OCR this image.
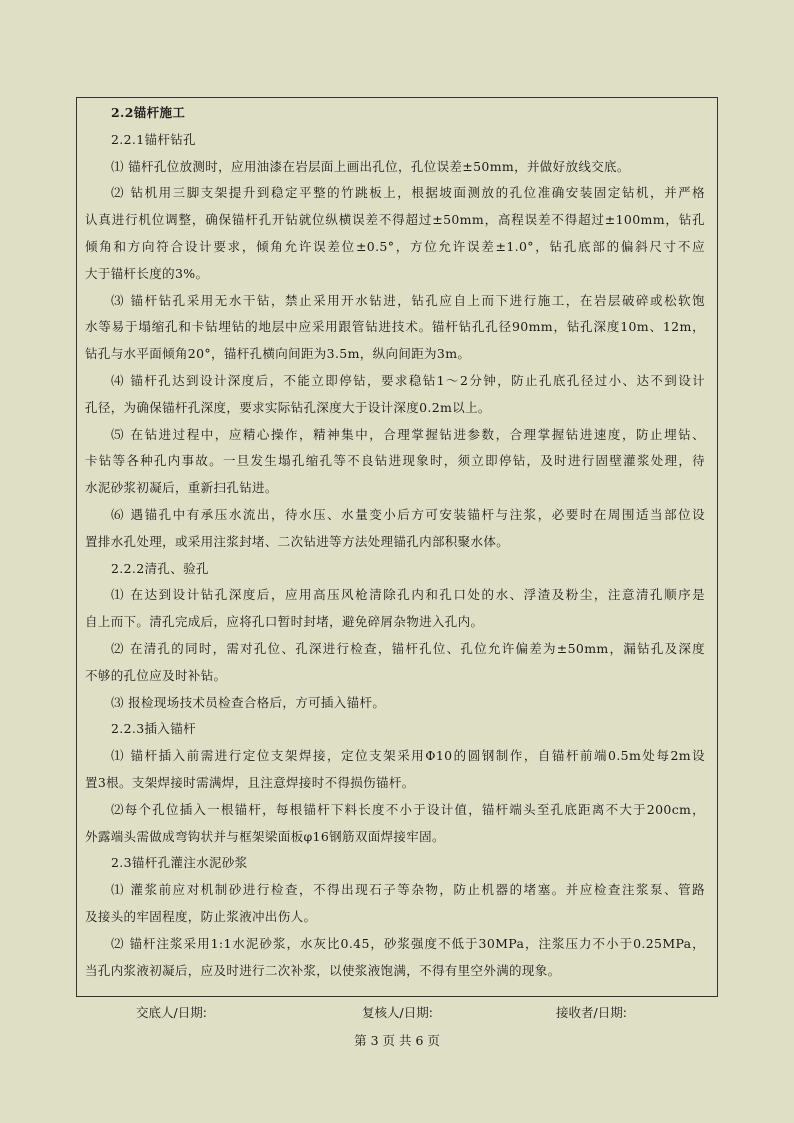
2.2锚杆施工
2.2.1锚杆钻孔
⑴ 锚杆孔位放测时，应用油漆在岩层面上画出孔位，孔位误差±50mm，并做好放线交底。
⑵ 钻机用三脚支架提升到稳定平整的竹跳板上，根据坡面测放的孔位准确安装固定钻机，并严格
认真进行机位调整，确保锚杆孔开钻就位纵横误差不得超过±50mm，高程误差不得超过±100mm，钻孔
倾角和方向符合设计要求，倾角允许误差位±0.5°，方位允许误差±1.0°，钻孔底部的偏斜尺寸不应
大于锚杆长度的3%。
⑶ 锚杆钻孔采用无水干钻，禁止采用开水钻进，钻孔应自上而下进行施工，在岩层破碎或松软饱
水等易于塌缩孔和卡钻埋钻的地层中应采用跟管钻进技术。锚杆钻孔孔径90mm，钻孔深度10m、12m，
钻孔与水平面倾角20°，锚杆孔横向间距为3.5m，纵向间距为3m。
⑷ 锚杆孔达到设计深度后，不能立即停钻，要求稳钻1～2分钟，防止孔底孔径过小、达不到设计
孔径，为确保锚杆孔深度，要求实际钻孔深度大于设计深度0.2m以上。
⑸ 在钻进过程中，应精心操作，精神集中，合理掌握钻进参数，合理掌握钻进速度，防止埋钻、
卡钻等各种孔内事故。一旦发生塌孔缩孔等不良钻进现象时，须立即停钻，及时进行固壁灌浆处理，待
水泥砂浆初凝后，重新扫孔钻进。
⑹ 遇锚孔中有承压水流出，待水压、水量变小后方可安装锚杆与注浆，必要时在周围适当部位设
置排水孔处理，或采用注浆封堵、二次钻进等方法处理锚孔内部积聚水体。
2.2.2清孔、验孔
⑴ 在达到设计钻孔深度后，应用高压风枪清除孔内和孔口处的水、浮渣及粉尘，注意清孔顺序是
自上而下。清孔完成后，应将孔口暂时封堵，避免碎屑杂物进入孔内。
⑵ 在清孔的同时，需对孔位、孔深进行检查，锚杆孔位、孔位允许偏差为±50mm，漏钻孔及深度
不够的孔位应及时补钻。
⑶ 报检现场技术员检查合格后，方可插入锚杆。
2.2.3插入锚杆
⑴ 锚杆插入前需进行定位支架焊接，定位支架采用Φ10的圆钢制作，自锚杆前端0.5m处每2m设
置3根。支架焊接时需满焊，且注意焊接时不得损伤锚杆。
⑵每个孔位插入一根锚杆，每根锚杆下料长度不小于设计值，锚杆端头至孔底距离不大于200cm，
外露端头需做成弯钩状并与框架梁面板φ16钢筋双面焊接牢固。
2.3锚杆孔灌注水泥砂浆
⑴ 灌浆前应对机制砂进行检查，不得出现石子等杂物，防止机器的堵塞。并应检查注浆泵、管路
及接头的牢固程度，防止浆液冲出伤人。
⑵ 锚杆注浆采用1:1水泥砂浆，水灰比0.45，砂浆强度不低于30MPa，注浆压力不小于0.25MPa，
当孔内浆液初凝后，应及时进行二次补浆，以使浆液饱满，不得有里空外满的现象。
交底人/日期:	复核人/日期:	接收者/日期:
第 3 页 共 6 页
